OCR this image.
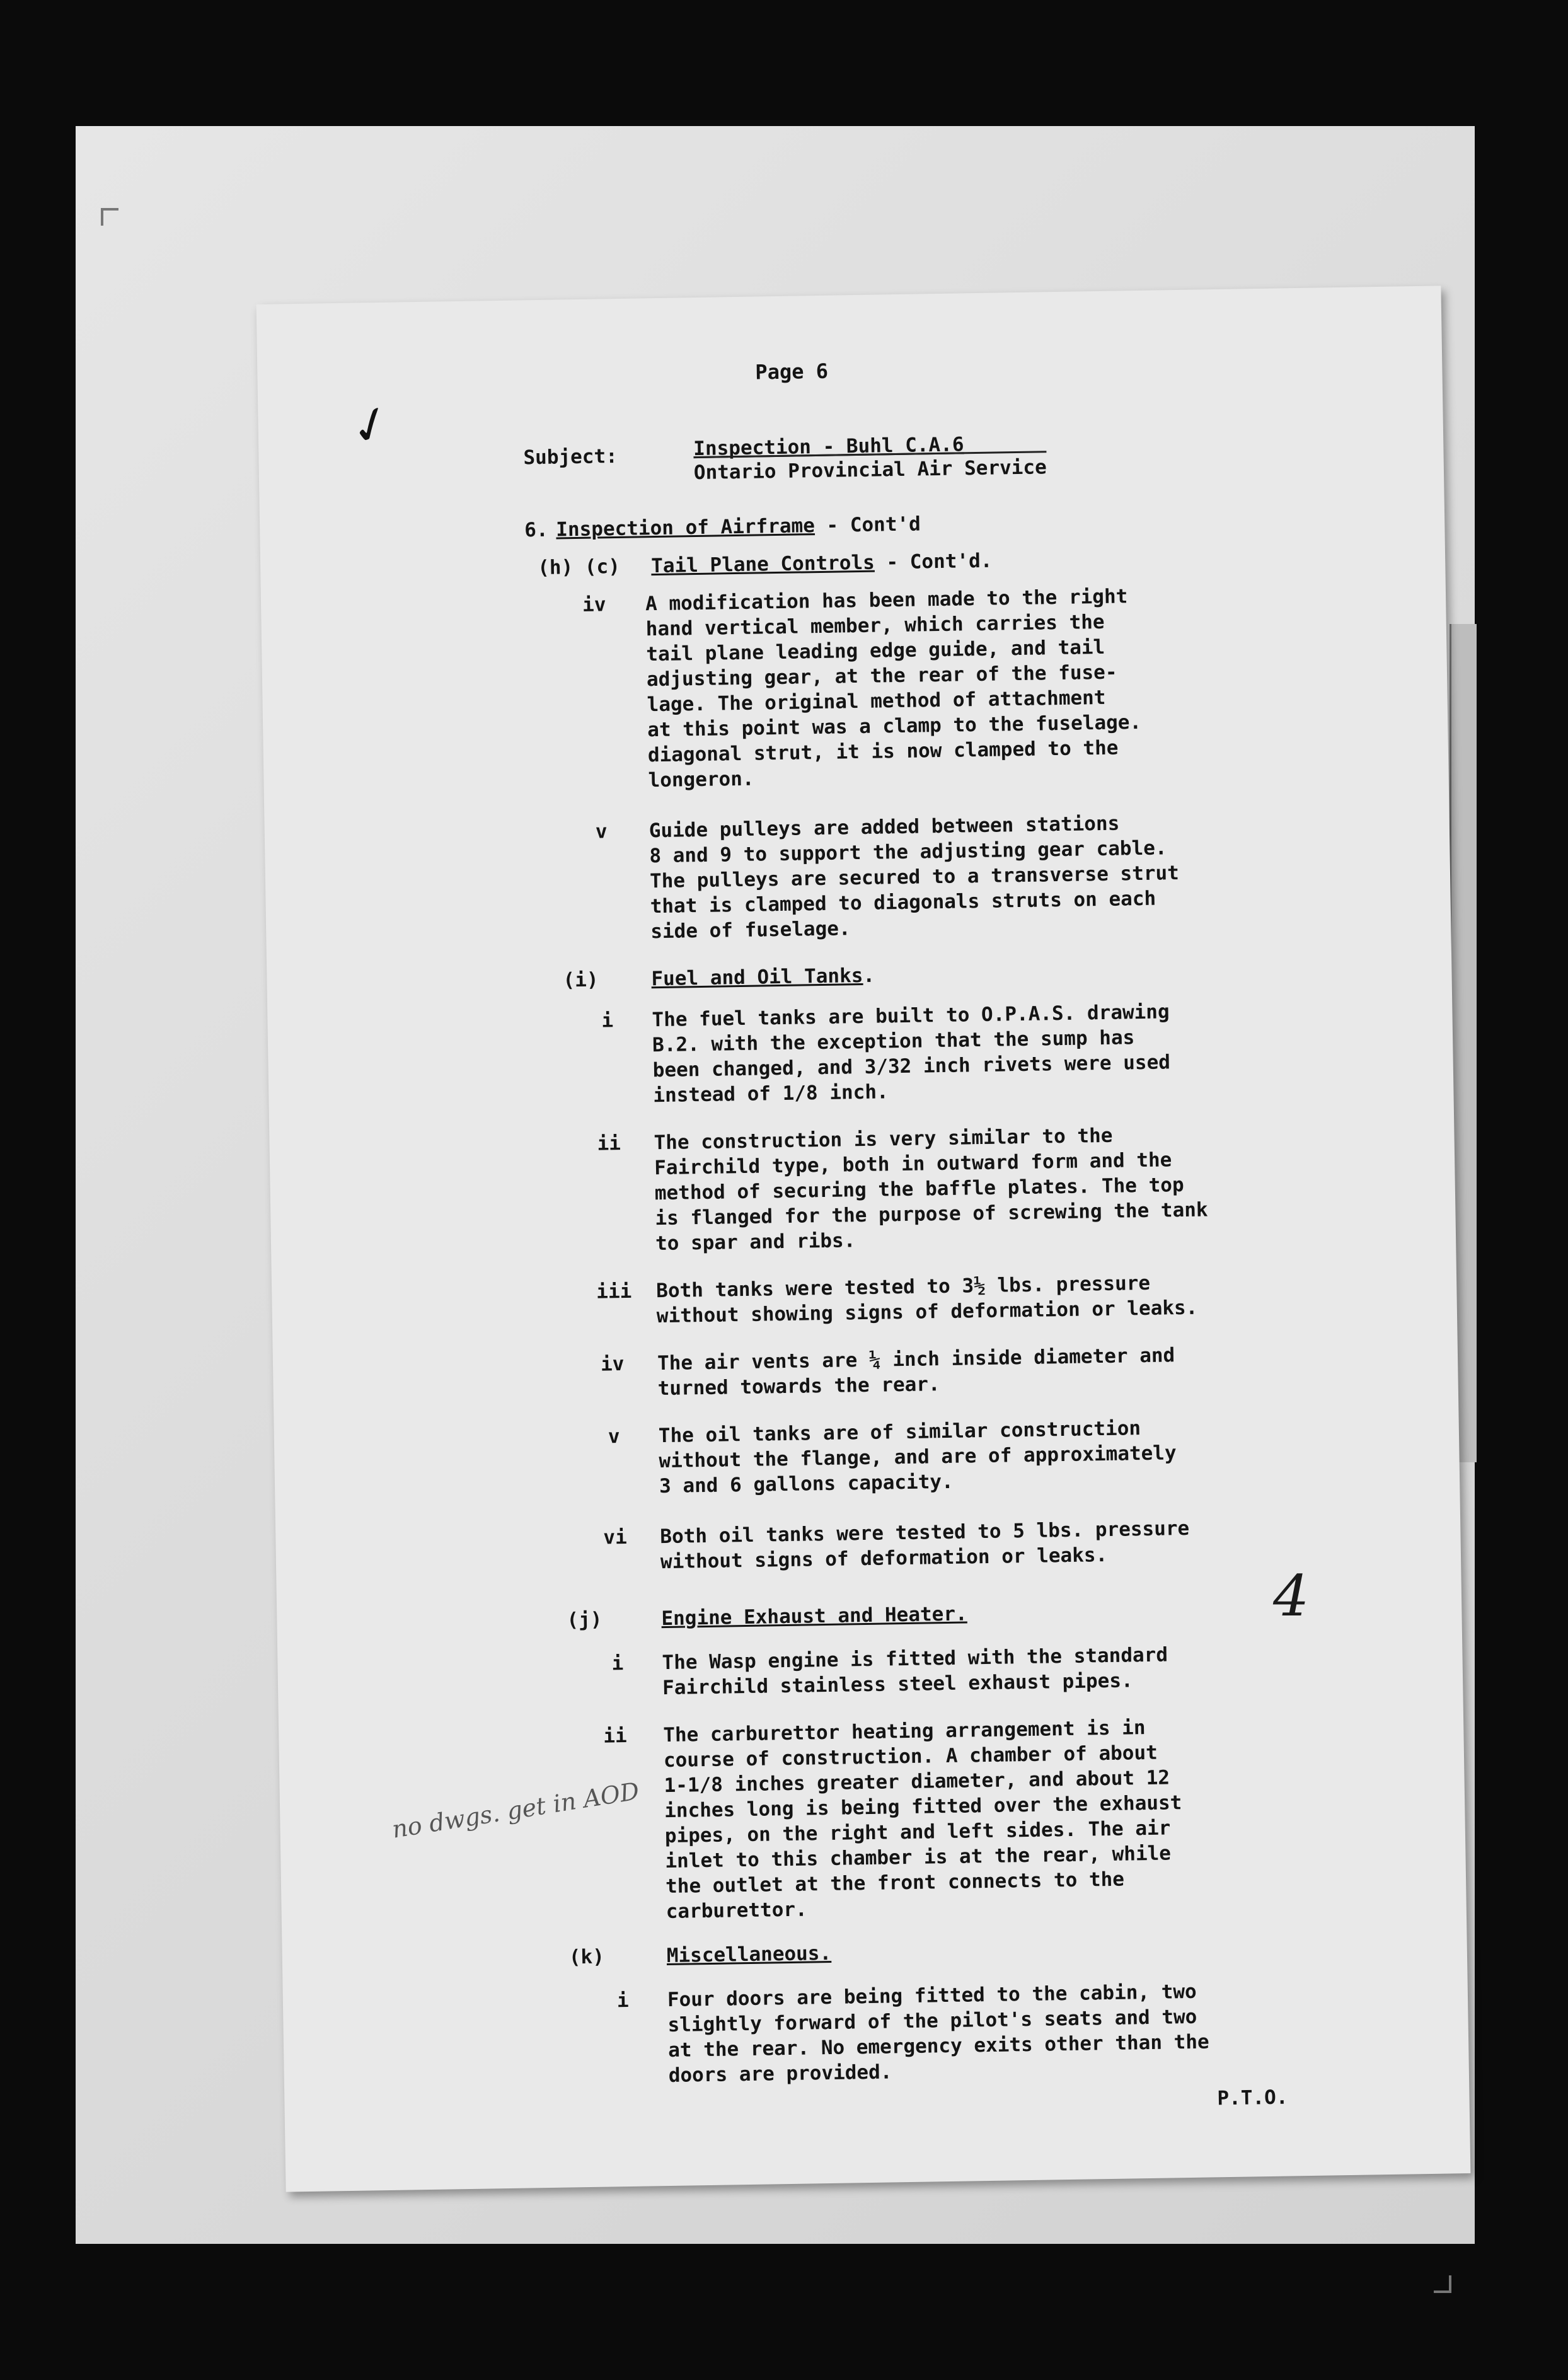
Page 6
Subject:	Inspection - Buhl C.A.6
Ontario Provincial Air Service
6. Inspection of Airframe - Cont'd
(h) (c) Tail Plane Controls - Cont'd.
iv A modification has been made to the right
hand vertical member, which carries the
tail plane leading edge guide, and tail
adjusting gear, at the rear of the fuse-
lage. The original method of attachment
at this point was a clamp to the fuselage.
diagonal strut, it is now clamped to the
longeron.
v Guide pulleys are added between stations
8 and 9 to support the adjusting gear cable.
The pulleys are secured to a transverse strut
that is clamped to diagonals struts on each
side of fuselage.
(i)	Fuel and Oil Tanks.
i The fuel tanks are built to O.P.A.S. drawing
B.2. with the exception that the sump has
been changed, and 3/32 inch rivets were used
instead of 1/8 inch.
ii The construction is very similar to the
Fairchild type, both in outward form and the
method of securing the baffle plates. The top
is flanged for the purpose of screwing the tank
to spar and ribs.
iii Both tanks were tested to 3½ lbs. pressure
without showing signs of deformation or leaks.
iv The air vents are ¼ inch inside diameter and
turned towards the rear.
v The oil tanks are of similar construction
without the flange, and are of approximately
3 and 6 gallons capacity.
vi Both oil tanks were tested to 5 lbs. pressure
without signs of deformation or leaks.
(j)	Engine Exhaust and Heater.
i The Wasp engine is fitted with the standard
Fairchild stainless steel exhaust pipes.
ii The carburettor heating arrangement is in
course of construction. A chamber of about
1-1/8 inches greater diameter, and about 12
inches long is being fitted over the exhaust
pipes, on the right and left sides. The air
inlet to this chamber is at the rear, while
the outlet at the front connects to the
carburettor.
(k)	Miscellaneous.
i Four doors are being fitted to the cabin, two
slightly forward of the pilot's seats and two
at the rear. No emergency exits other than the
doors are provided.
P.T.O.
✓
4
no dwgs. get in AOD
